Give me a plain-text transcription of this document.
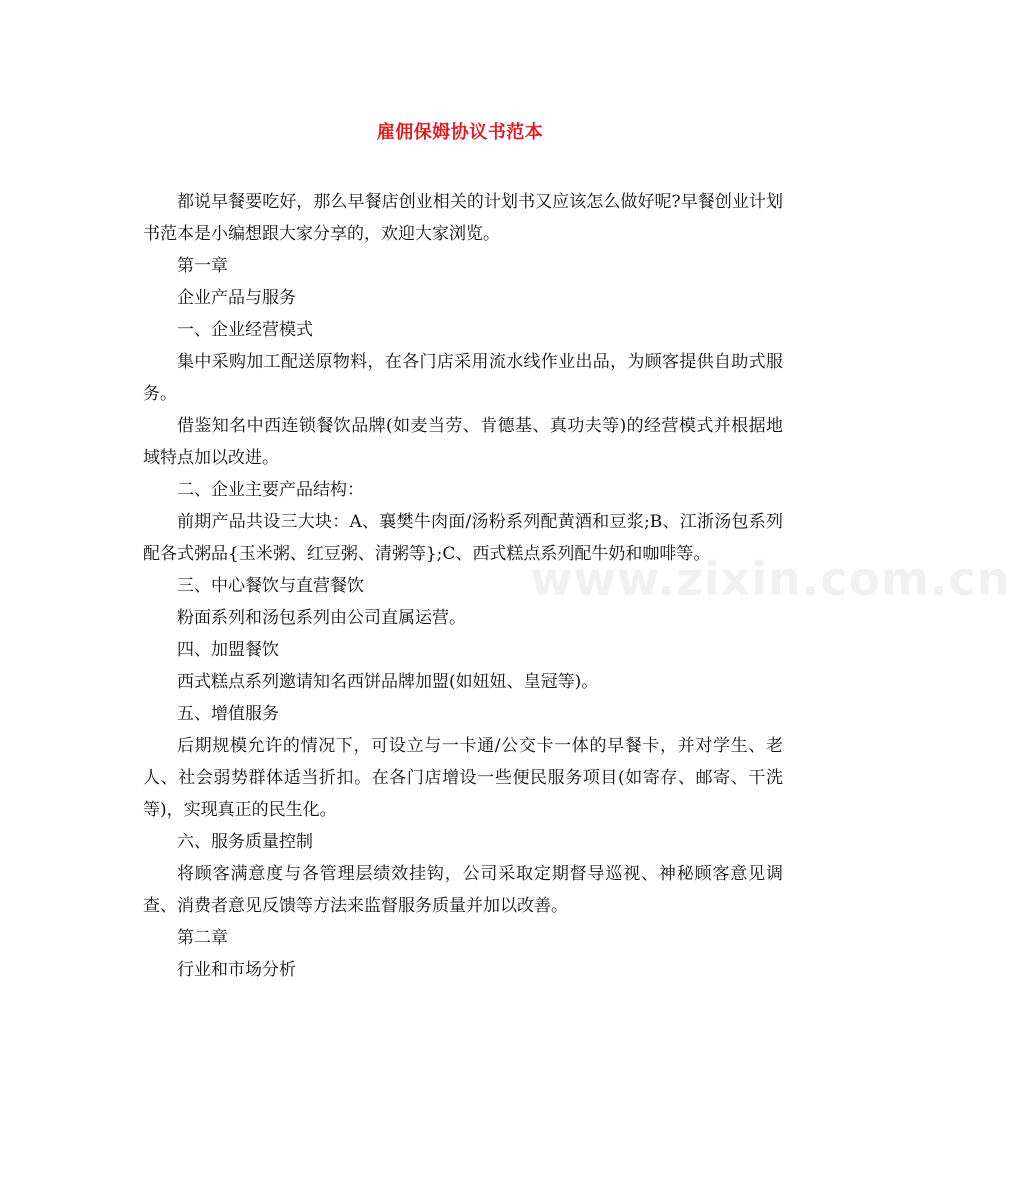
雇佣保姆协议书范本

都说早餐要吃好，那么早餐店创业相关的计划书又应该怎么做好呢?早餐创业计划书范本是小编想跟大家分享的，欢迎大家浏览。

第一章

企业产品与服务

一、企业经营模式

集中采购加工配送原物料，在各门店采用流水线作业出品，为顾客提供自助式服务。

借鉴知名中西连锁餐饮品牌(如麦当劳、肯德基、真功夫等)的经营模式并根据地域特点加以改进。

二、企业主要产品结构：

前期产品共设三大块：A、襄樊牛肉面/汤粉系列配黄酒和豆浆;B、江浙汤包系列配各式粥品{玉米粥、红豆粥、清粥等};C、西式糕点系列配牛奶和咖啡等。

三、中心餐饮与直营餐饮

粉面系列和汤包系列由公司直属运营。

四、加盟餐饮

西式糕点系列邀请知名西饼品牌加盟(如妞妞、皇冠等)。

五、增值服务

后期规模允许的情况下，可设立与一卡通/公交卡一体的早餐卡，并对学生、老人、社会弱势群体适当折扣。在各门店增设一些便民服务项目(如寄存、邮寄、干洗等)，实现真正的民生化。

六、服务质量控制

将顾客满意度与各管理层绩效挂钩，公司采取定期督导巡视、神秘顾客意见调查、消费者意见反馈等方法来监督服务质量并加以改善。

第二章

行业和市场分析

www.zixin.com.cn
